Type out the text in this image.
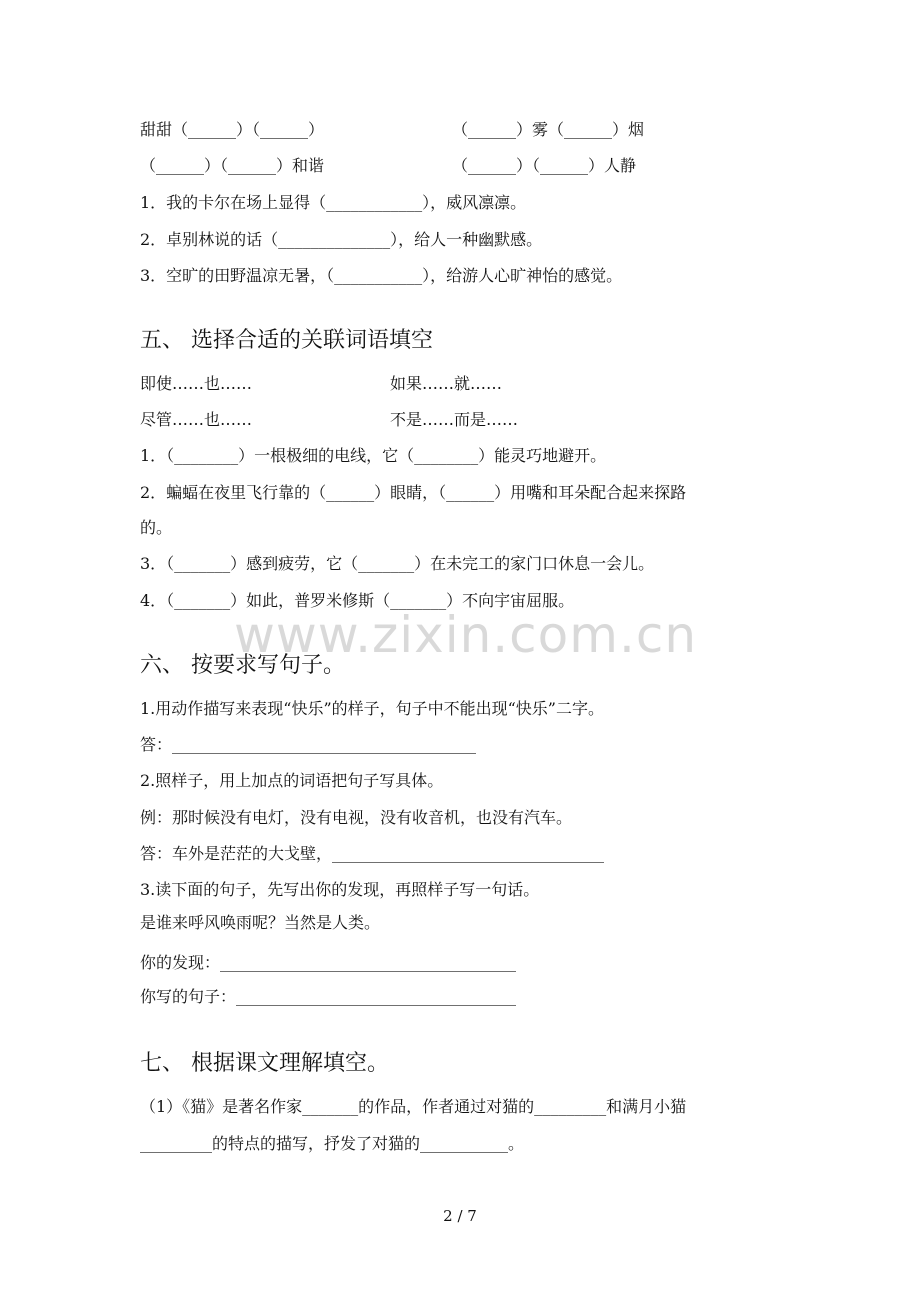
甜甜（______）（______）	（______）雾（______）烟
（______）（______）和谐	（______）（______）人静
1．我的卡尔在场上显得（____________），威风凛凛。
2．卓别林说的话（______________），给人一种幽默感。
3．空旷的田野温凉无暑，（___________），给游人心旷神怡的感觉。
五、 选择合适的关联词语填空
即使……也……	如果……就……
尽管……也……	不是……而是……
1．（________）一根极细的电线，它（________）能灵巧地避开。
2．蝙蝠在夜里飞行靠的（______）眼睛，（______）用嘴和耳朵配合起来探路
的。
3．（_______）感到疲劳，它（_______）在未完工的家门口休息一会儿。
4．（_______）如此，普罗米修斯（_______）不向宇宙屈服。
www.zixin.com.cn
六、 按要求写句子。
1.用动作描写来表现“快乐”的样子，句子中不能出现“快乐”二字。
答：______________________________________
2.照样子，用上加点的词语把句子写具体。
例：那时候没有电灯，没有电视，没有收音机，也没有汽车。
答：车外是茫茫的大戈壁，__________________________________
3.读下面的句子，先写出你的发现，再照样子写一句话。
是谁来呼风唤雨呢？当然是人类。
你的发现：_____________________________________
你写的句子：___________________________________
七、 根据课文理解填空。
（1）《猫》是著名作家_______的作品，作者通过对猫的_________和满月小猫
_________的特点的描写，抒发了对猫的___________。
2 / 7
